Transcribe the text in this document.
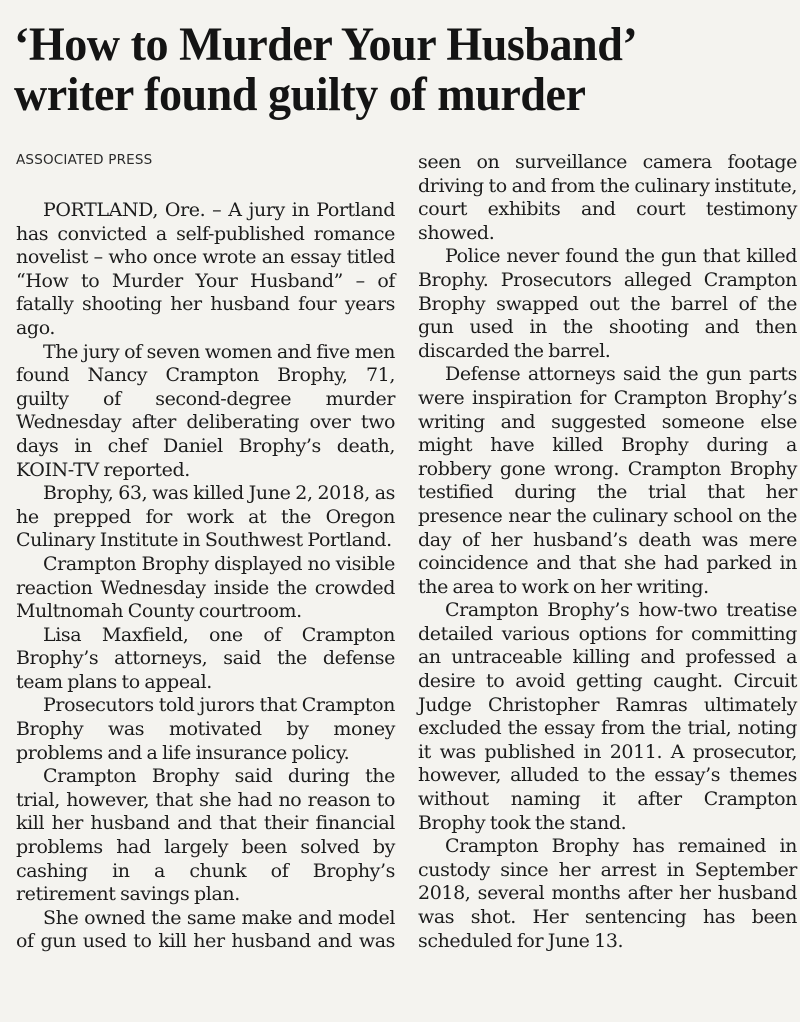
‘How to Murder Your Husband’
writer found guilty of murder
ASSOCIATED PRESS

PORTLAND, Ore. – A jury in Portland has convicted a self-published romance novelist – who once wrote an essay titled “How to Murder Your Husband” – of fatally shooting her husband four years ago.

The jury of seven women and five men found Nancy Crampton Brophy, 71, guilty of second-degree murder Wednesday after deliberating over two days in chef Daniel Brophy’s death, KOIN-TV reported.

Brophy, 63, was killed June 2, 2018, as he prepped for work at the Oregon Culinary Institute in Southwest Portland.

Crampton Brophy displayed no visible reaction Wednesday inside the crowded Multnomah County courtroom.

Lisa Maxfield, one of Crampton Brophy’s attorneys, said the defense team plans to appeal.

Prosecutors told jurors that Crampton Brophy was motivated by money problems and a life insurance policy.

Crampton Brophy said during the trial, however, that she had no reason to kill her husband and that their financial problems had largely been solved by cashing in a chunk of Brophy’s retirement savings plan.

She owned the same make and model of gun used to kill her husband and was

seen on surveillance camera footage driving to and from the culinary institute, court exhibits and court testimony showed.

Police never found the gun that killed Brophy. Prosecutors alleged Crampton Brophy swapped out the barrel of the gun used in the shooting and then discarded the barrel.

Defense attorneys said the gun parts were inspiration for Crampton Brophy’s writing and suggested someone else might have killed Brophy during a robbery gone wrong. Crampton Brophy testified during the trial that her presence near the culinary school on the day of her husband’s death was mere coincidence and that she had parked in the area to work on her writing.

Crampton Brophy’s how-two treatise detailed various options for committing an untraceable killing and professed a desire to avoid getting caught. Circuit Judge Christopher Ramras ultimately excluded the essay from the trial, noting it was published in 2011. A prosecutor, however, alluded to the essay’s themes without naming it after Crampton Brophy took the stand.

Crampton Brophy has remained in custody since her arrest in September 2018, several months after her husband was shot. Her sentencing has been scheduled for June 13.
